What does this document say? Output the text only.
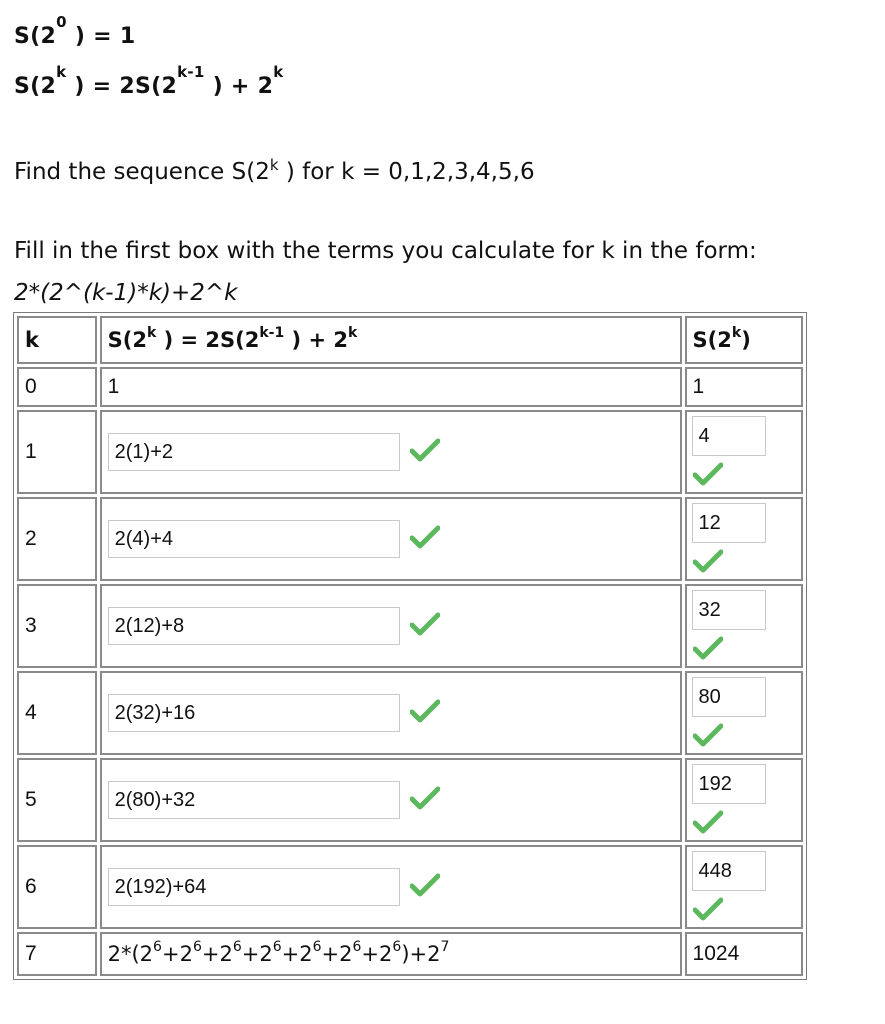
$S(2^0$ ) = 1
S(2$^k$ ) = $2S(2^{k-1}$ ) + $2^k$
Find the sequence S(2$^k$ ) for k = 0,1,2,3,4,5,6
Fill in the first box with the terms you calculate for k in the form:
2*(2^(k-1)*k)+2^k
k	S(2$^k$ ) = $2S(2^{k-1}$ ) + $2^k$	S(2$^k$)
0	1	1
1	2(1)+2	4

2	2(4)+4	12

3	2(12)+8	32

4	2(32)+16	80

5	2(80)+32	192

6	2(192)+64	448

7	$2*(2^6+2^6+2^6+2^6+2^6+2^6+2^6)+2^7$	1024
